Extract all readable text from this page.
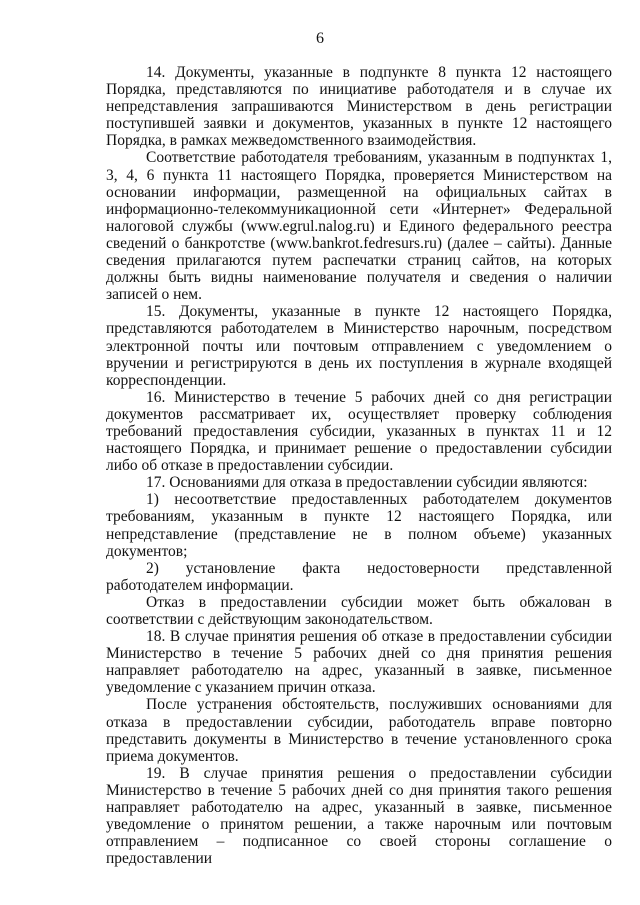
6

14. Документы, указанные в подпункте 8 пункта 12 настоящего Порядка, представляются по инициативе работодателя и в случае их непредставления запрашиваются Министерством в день регистрации поступившей заявки и документов, указанных в пункте 12 настоящего Порядка, в рамках межведомственного взаимодействия.

Соответствие работодателя требованиям, указанным в подпунктах 1, 3, 4, 6 пункта 11 настоящего Порядка, проверяется Министерством на основании информации, размещенной на официальных сайтах в информационно-телекоммуникационной сети «Интернет» Федеральной налоговой службы (www.egrul.nalog.ru) и Единого федерального реестра сведений о банкротстве (www.bankrot.fedresurs.ru) (далее – сайты). Данные сведения прилагаются путем распечатки страниц сайтов, на которых должны быть видны наименование получателя и сведения о наличии записей о нем.

15. Документы, указанные в пункте 12 настоящего Порядка, представляются работодателем в Министерство нарочным, посредством электронной почты или почтовым отправлением с уведомлением о вручении и регистрируются в день их поступления в журнале входящей корреспонденции.

16. Министерство в течение 5 рабочих дней со дня регистрации документов рассматривает их, осуществляет проверку соблюдения требований предоставления субсидии, указанных в пунктах 11 и 12 настоящего Порядка, и принимает решение о предоставлении субсидии либо об отказе в предоставлении субсидии.

17. Основаниями для отказа в предоставлении субсидии являются:

1) несоответствие предоставленных работодателем документов требованиям, указанным в пункте 12 настоящего Порядка, или непредставление (представление не в полном объеме) указанных документов;

2) установление факта недостоверности представленной работодателем информации.

Отказ в предоставлении субсидии может быть обжалован в соответствии с действующим законодательством.

18. В случае принятия решения об отказе в предоставлении субсидии Министерство в течение 5 рабочих дней со дня принятия решения направляет работодателю на адрес, указанный в заявке, письменное уведомление с указанием причин отказа.

После устранения обстоятельств, послуживших основаниями для отказа в предоставлении субсидии, работодатель вправе повторно представить документы в Министерство в течение установленного срока приема документов.

19. В случае принятия решения о предоставлении субсидии Министерство в течение 5 рабочих дней со дня принятия такого решения направляет работодателю на адрес, указанный в заявке, письменное уведомление о принятом решении, а также нарочным или почтовым отправлением – подписанное со своей стороны соглашение о предоставлении
